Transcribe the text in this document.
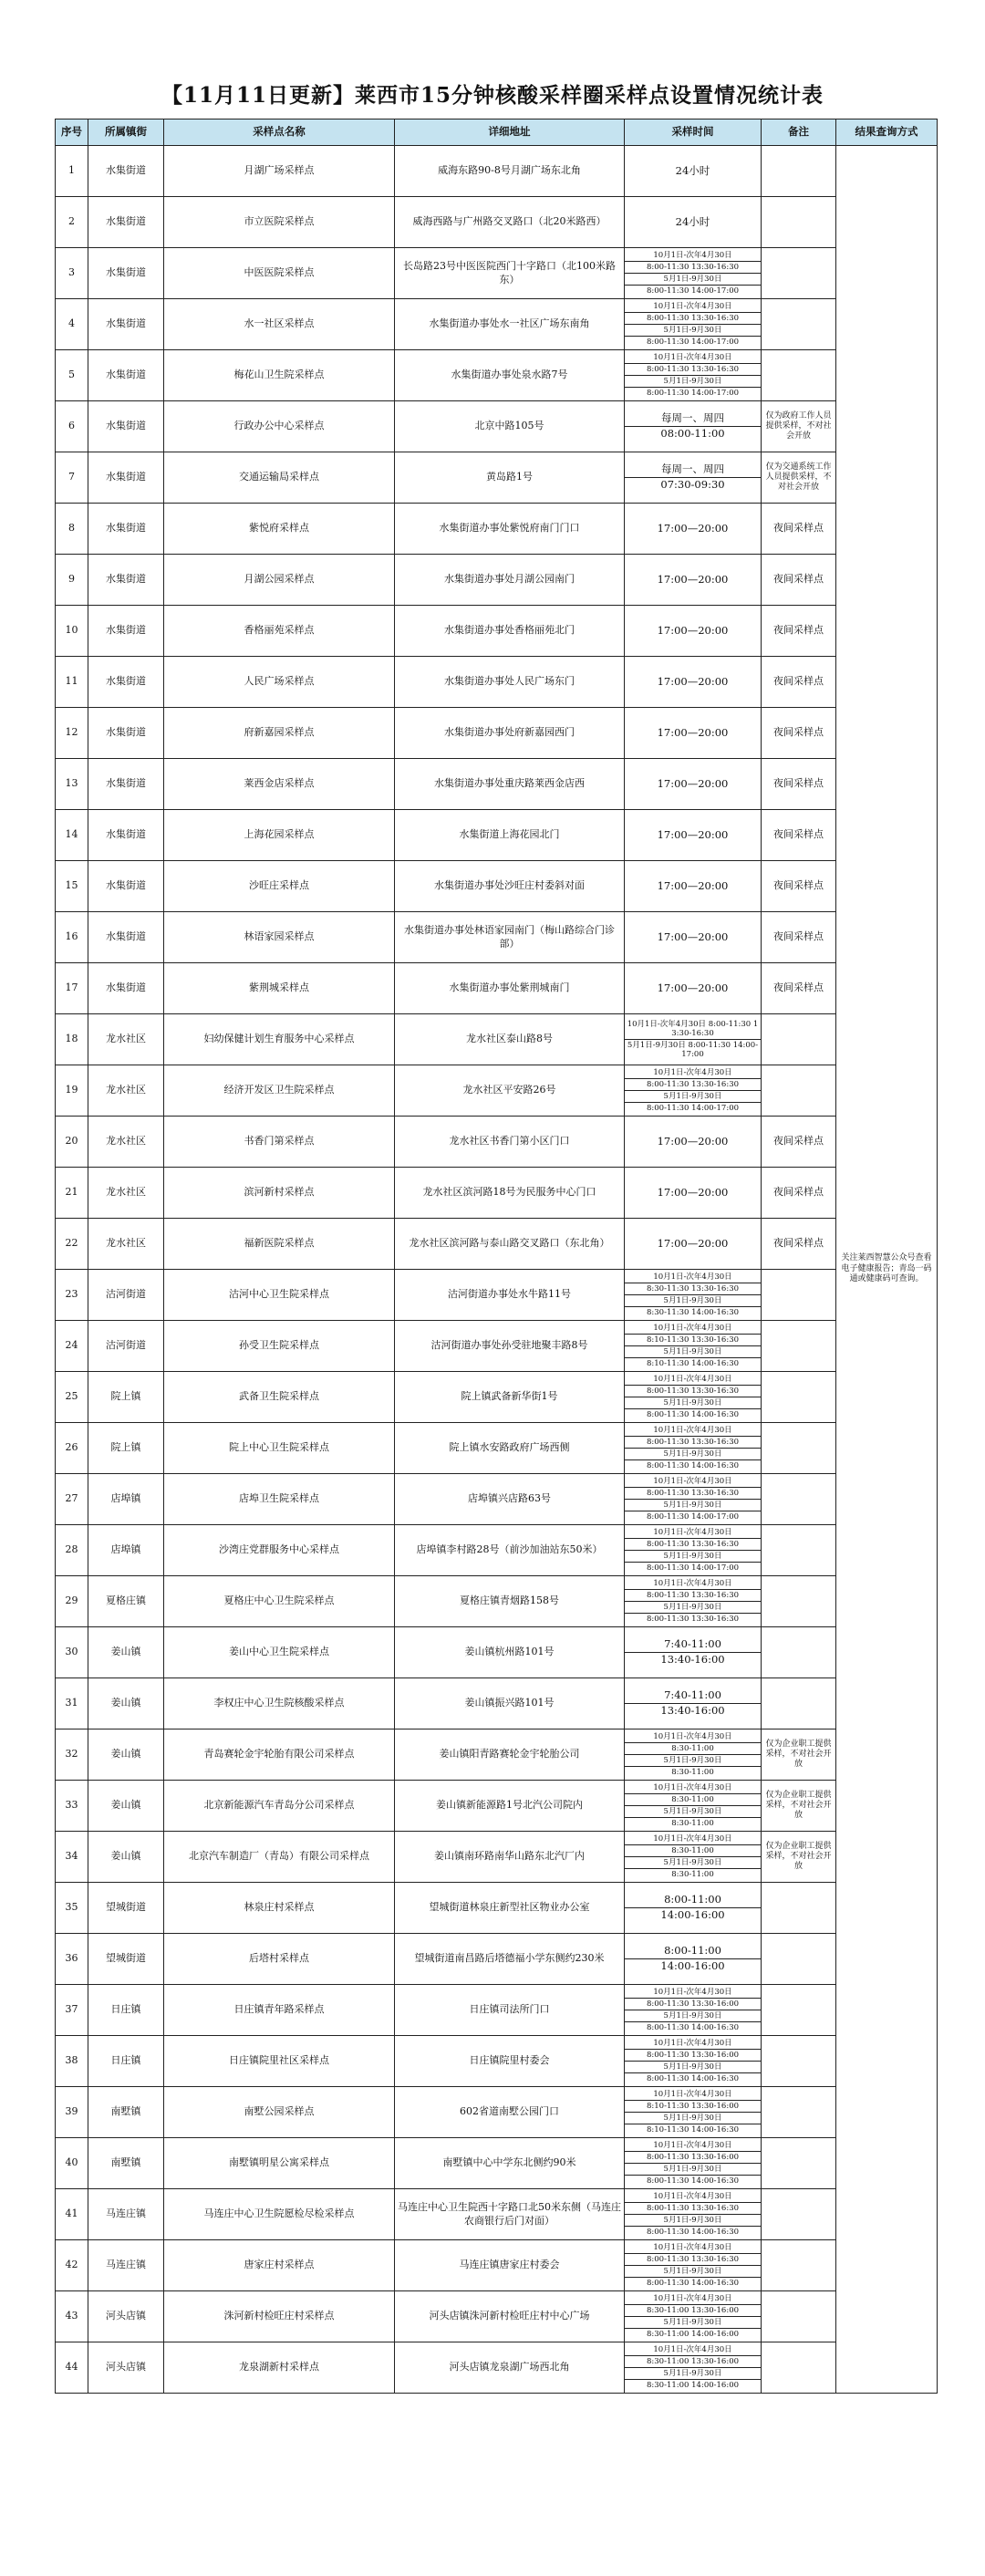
【11月11日更新】莱西市15分钟核酸采样圈采样点设置情况统计表
序号	所属镇街	采样点名称	详细地址	采样时间	备注	结果查询方式
1	水集街道	月湖广场采样点	威海东路90-8号月湖广场东北角	24小时		关注莱西智慧公众号查看电子健康报告；青岛一码通或健康码可查询。
2	水集街道	市立医院采样点	威海西路与广州路交叉路口（北20米路西）	24小时		

3	水集街道	中医医院采样点	长岛路23号中医医院西门十字路口（北100米路东）	10月1日-次年4月30日
8:00-11:30 13:30-16:30
5月1日-9月30日
8:00-11:30 14:00-17:00		

4	水集街道	水一社区采样点	水集街道办事处水一社区广场东南角	10月1日-次年4月30日
8:00-11:30 13:30-16:30
5月1日-9月30日
8:00-11:30 14:00-17:00		

5	水集街道	梅花山卫生院采样点	水集街道办事处泉水路7号	10月1日-次年4月30日
8:00-11:30 13:30-16:30
5月1日-9月30日
8:00-11:30 14:00-17:00		

6	水集街道	行政办公中心采样点	北京中路105号	每周一、周四
08:00-11:00	仅为政府工作人员提供采样，不对社会开放	
7	水集街道	交通运输局采样点	黄岛路1号	每周一、周四
07:30-09:30	仅为交通系统工作人员提供采样，不对社会开放	
8	水集街道	紫悦府采样点	水集街道办事处紫悦府南门门口	17:00—20:00	夜间采样点	
9	水集街道	月湖公园采样点	水集街道办事处月湖公园南门	17:00—20:00	夜间采样点	
10	水集街道	香格丽苑采样点	水集街道办事处香格丽苑北门	17:00—20:00	夜间采样点	
11	水集街道	人民广场采样点	水集街道办事处人民广场东门	17:00—20:00	夜间采样点	
12	水集街道	府新嘉园采样点	水集街道办事处府新嘉园西门	17:00—20:00	夜间采样点	
13	水集街道	莱西金店采样点	水集街道办事处重庆路莱西金店西	17:00—20:00	夜间采样点	
14	水集街道	上海花园采样点	水集街道上海花园北门	17:00—20:00	夜间采样点	
15	水集街道	沙旺庄采样点	水集街道办事处沙旺庄村委斜对面	17:00—20:00	夜间采样点	
16	水集街道	林语家园采样点	水集街道办事处林语家园南门（梅山路综合门诊部）	17:00—20:00	夜间采样点	
17	水集街道	紫荆城采样点	水集街道办事处紫荆城南门	17:00—20:00	夜间采样点	
18	龙水社区	妇幼保健计划生育服务中心采样点	龙水社区泰山路8号	10月1日-次年4月30日 8:00-11:30 13:30-16:30
5月1日-9月30日 8:00-11:30 14:00-17:00		

19	龙水社区	经济开发区卫生院采样点	龙水社区平安路26号	10月1日-次年4月30日
8:00-11:30 13:30-16:30
5月1日-9月30日
8:00-11:30 14:00-17:00		

20	龙水社区	书香门第采样点	龙水社区书香门第小区门口	17:00—20:00	夜间采样点	
21	龙水社区	滨河新村采样点	龙水社区滨河路18号为民服务中心门口	17:00—20:00	夜间采样点	
22	龙水社区	福新医院采样点	龙水社区滨河路与泰山路交叉路口（东北角）	17:00—20:00	夜间采样点	
23	沽河街道	沽河中心卫生院采样点	沽河街道办事处水牛路11号	10月1日-次年4月30日
8:30-11:30 13:30-16:30
5月1日-9月30日
8:30-11:30 14:00-16:30		

24	沽河街道	孙受卫生院采样点	沽河街道办事处孙受驻地聚丰路8号	10月1日-次年4月30日
8:10-11:30 13:30-16:30
5月1日-9月30日
8:10-11:30 14:00-16:30		

25	院上镇	武备卫生院采样点	院上镇武备新华街1号	10月1日-次年4月30日
8:00-11:30 13:30-16:30
5月1日-9月30日
8:00-11:30 14:00-16:30		

26	院上镇	院上中心卫生院采样点	院上镇水安路政府广场西侧	10月1日-次年4月30日
8:00-11:30 13:30-16:30
5月1日-9月30日
8:00-11:30 14:00-16:30		

27	店埠镇	店埠卫生院采样点	店埠镇兴店路63号	10月1日-次年4月30日
8:00-11:30 13:30-16:30
5月1日-9月30日
8:00-11:30 14:00-17:00		

28	店埠镇	沙湾庄党群服务中心采样点	店埠镇李村路28号（前沙加油站东50米）	10月1日-次年4月30日
8:00-11:30 13:30-16:30
5月1日-9月30日
8:00-11:30 14:00-17:00		

29	夏格庄镇	夏格庄中心卫生院采样点	夏格庄镇青烟路158号	10月1日-次年4月30日
8:00-11:30 13:30-16:30
5月1日-9月30日
8:00-11:30 13:30-16:30		

30	姜山镇	姜山中心卫生院采样点	姜山镇杭州路101号	7:40-11:00
13:40-16:00		

31	姜山镇	李权庄中心卫生院核酸采样点	姜山镇振兴路101号	7:40-11:00
13:40-16:00		

32	姜山镇	青岛赛轮金宇轮胎有限公司采样点	姜山镇阳青路赛轮金宇轮胎公司	10月1日-次年4月30日
8:30-11:00
5月1日-9月30日
8:30-11:00	仅为企业职工提供采样，不对社会开放	
33	姜山镇	北京新能源汽车青岛分公司采样点	姜山镇新能源路1号北汽公司院内	10月1日-次年4月30日
8:30-11:00
5月1日-9月30日
8:30-11:00	仅为企业职工提供采样，不对社会开放	
34	姜山镇	北京汽车制造厂（青岛）有限公司采样点	姜山镇南环路南华山路东北汽厂内	10月1日-次年4月30日
8:30-11:00
5月1日-9月30日
8:30-11:00	仅为企业职工提供采样，不对社会开放	
35	望城街道	林泉庄村采样点	望城街道林泉庄新型社区物业办公室	8:00-11:00
14:00-16:00		

36	望城街道	后塔村采样点	望城街道南昌路后塔德福小学东侧约230米	8:00-11:00
14:00-16:00		

37	日庄镇	日庄镇青年路采样点	日庄镇司法所门口	10月1日-次年4月30日
8:00-11:30 13:30-16:00
5月1日-9月30日
8:00-11:30 14:00-16:30		

38	日庄镇	日庄镇院里社区采样点	日庄镇院里村委会	10月1日-次年4月30日
8:00-11:30 13:30-16:00
5月1日-9月30日
8:00-11:30 14:00-16:30		

39	南墅镇	南墅公园采样点	602省道南墅公园门口	10月1日-次年4月30日
8:10-11:30 13:30-16:00
5月1日-9月30日
8:10-11:30 14:00-16:30		

40	南墅镇	南墅镇明星公寓采样点	南墅镇中心中学东北侧约90米	10月1日-次年4月30日
8:00-11:30 13:30-16:00
5月1日-9月30日
8:00-11:30 14:00-16:30		

41	马连庄镇	马连庄中心卫生院愿检尽检采样点	马连庄中心卫生院西十字路口北50米东侧（马连庄农商银行后门对面）	10月1日-次年4月30日
8:00-11:30 13:30-16:30
5月1日-9月30日
8:00-11:30 14:00-16:30		

42	马连庄镇	唐家庄村采样点	马连庄镇唐家庄村委会	10月1日-次年4月30日
8:00-11:30 13:30-16:30
5月1日-9月30日
8:00-11:30 14:00-16:30		

43	河头店镇	洙河新村检旺庄村采样点	河头店镇洙河新村检旺庄村中心广场	10月1日-次年4月30日
8:30-11:00 13:30-16:00
5月1日-9月30日
8:30-11:00 14:00-16:00		

44	河头店镇	龙泉湖新村采样点	河头店镇龙泉湖广场西北角	10月1日-次年4月30日
8:30-11:00 13:30-16:00
5月1日-9月30日
8:30-11:00 14:00-16:00		
